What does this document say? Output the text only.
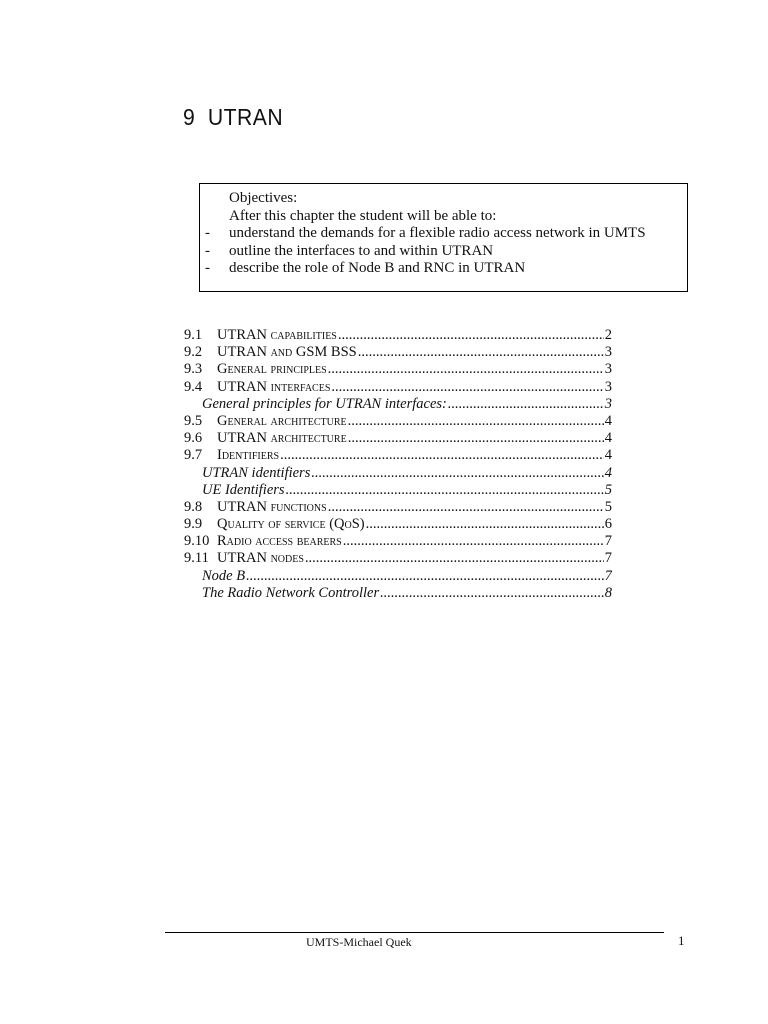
9 UTRAN
Objectives:
After this chapter the student will be able to:
- understand the demands for a flexible radio access network in UMTS
- outline the interfaces to and within UTRAN
- describe the role of Node B and RNC in UTRAN
9.1	UTRAN capabilities .....	2
9.2	UTRAN and GSM BSS .....	3
9.3	General principles .....	3
9.4	UTRAN interfaces .....	3
General principles for UTRAN interfaces: .....	3
9.5	General architecture .....	4
9.6	UTRAN architecture .....	4
9.7	Identifiers .....	4
UTRAN identifiers .....	4
UE Identifiers .....	5
9.8	UTRAN functions .....	5
9.9	Quality of service (QoS) .....	6
9.10 Radio access bearers .....	7
9.11 UTRAN nodes .....	7
Node B .....	7
The Radio Network Controller .....	8
UMTS-Michael Quek	1
